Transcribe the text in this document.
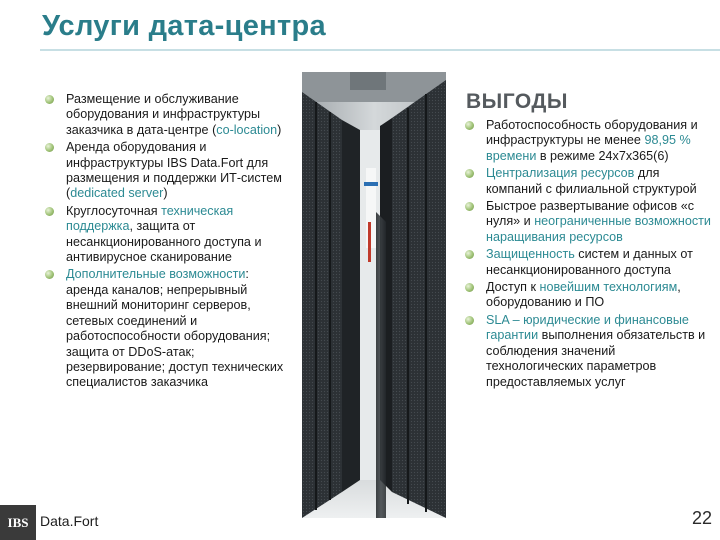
Услуги дата-центра
Размещение и обслуживание оборудования и инфраструктуры заказчика в дата-центре (co-location)
Аренда оборудования и инфраструктуры IBS Data.Fort для размещения и поддержки ИТ-систем (dedicated server)
Круглосуточная техническая поддержка, защита от несанкционированного доступа и антивирусное сканирование
Дополнительные возможности: аренда каналов; непрерывный внешний мониторинг серверов, сетевых соединений и работоспособности оборудования; защита от DDoS-атак; резервирование; доступ технических специалистов заказчика
ВЫГОДЫ
Работоспособность оборудования и инфраструктуры не менее 98,95 % времени в режиме 24х7х365(6)
Централизация ресурсов для компаний с филиальной структурой
Быстрое развертывание офисов «с нуля» и неограниченные возможности наращивания ресурсов
Защищенность систем и данных от несанкционированного доступа
Доступ к новейшим технологиям, оборудованию и ПО
SLA – юридические и финансовые гарантии выполнения обязательств и соблюдения значений технологических параметров предоставляемых услуг
IBS Data.Fort	22
